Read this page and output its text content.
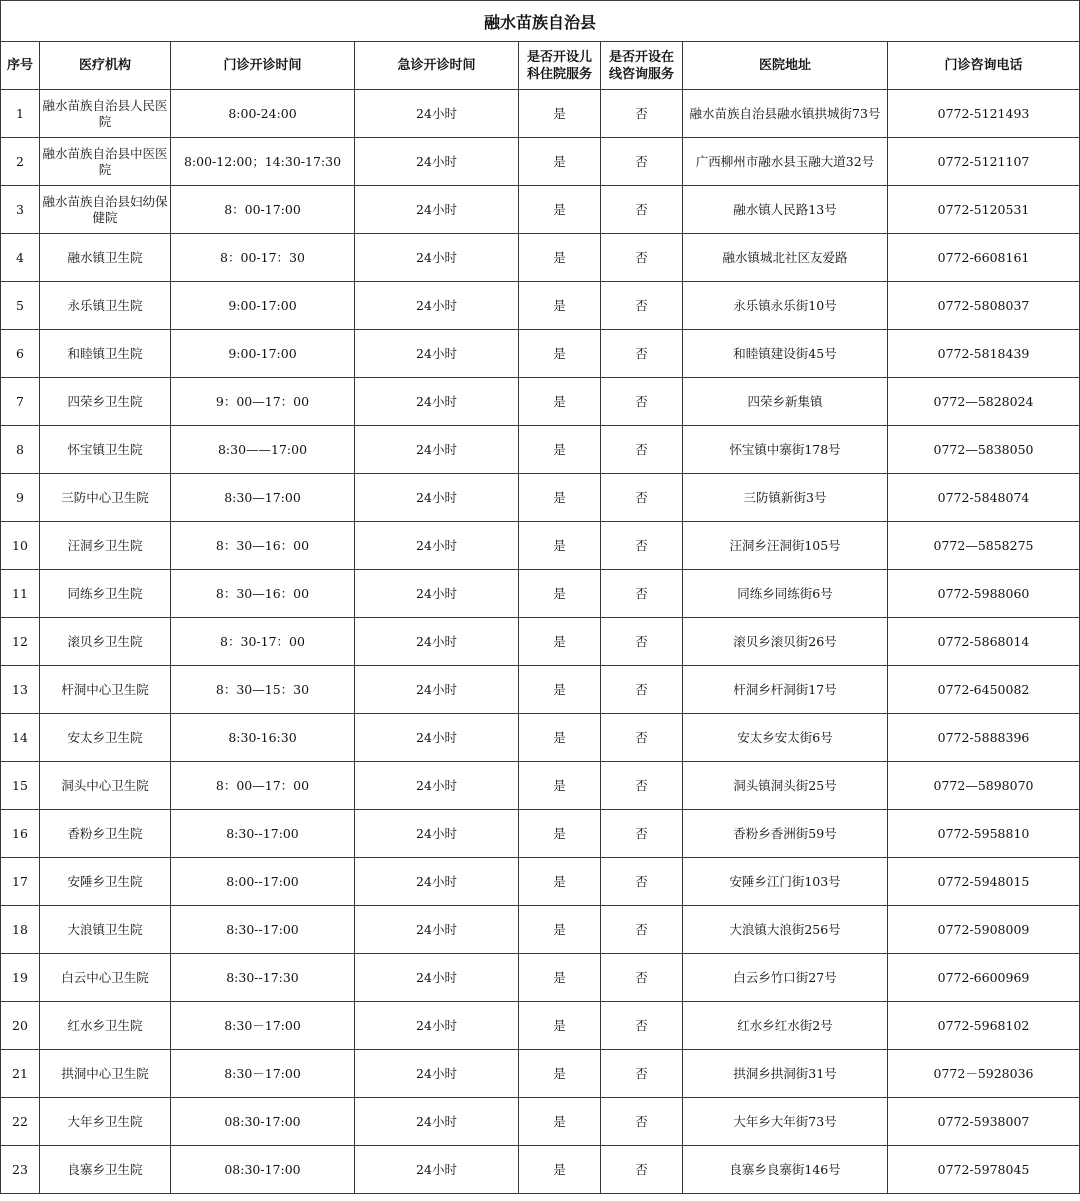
融水苗族自治县							
序号	医疗机构	门诊开诊时间	急诊开诊时间	是否开设儿科住院服务	是否开设在线咨询服务	医院地址	门诊咨询电话
1	融水苗族自治县人民医院	8:00-24:00	24小时	是	否	融水苗族自治县融水镇拱城街73号	0772-5121493
2	融水苗族自治县中医医院	8:00-12:00；14:30-17:30	24小时	是	否	广西柳州市融水县玉融大道32号	0772-5121107
3	融水苗族自治县妇幼保健院	8：00-17:00	24小时	是	否	融水镇人民路13号	0772-5120531
4	融水镇卫生院	8：00-17：30	24小时	是	否	融水镇城北社区友爱路	0772-6608161
5	永乐镇卫生院	9:00-17:00	24小时	是	否	永乐镇永乐街10号	0772-5808037
6	和睦镇卫生院	9:00-17:00	24小时	是	否	和睦镇建设街45号	0772-5818439
7	四荣乡卫生院	9：00—17：00	24小时	是	否	四荣乡新集镇	0772—5828024
8	怀宝镇卫生院	8:30——17:00	24小时	是	否	怀宝镇中寨街178号	0772—5838050
9	三防中心卫生院	8:30—17:00	24小时	是	否	三防镇新街3号	0772-5848074
10	汪洞乡卫生院	8：30—16：00	24小时	是	否	汪洞乡汪洞街105号	0772—5858275
11	同练乡卫生院	8：30—16：00	24小时	是	否	同练乡同练街6号	0772-5988060
12	滚贝乡卫生院	8：30-17：00	24小时	是	否	滚贝乡滚贝街26号	0772-5868014
13	杆洞中心卫生院	8：30—15：30	24小时	是	否	杆洞乡杆洞街17号	0772-6450082
14	安太乡卫生院	8:30-16:30	24小时	是	否	安太乡安太街6号	0772-5888396
15	洞头中心卫生院	8：00—17：00	24小时	是	否	洞头镇洞头街25号	0772—5898070
16	香粉乡卫生院	8:30--17:00	24小时	是	否	香粉乡香洲街59号	0772-5958810
17	安陲乡卫生院	8:00--17:00	24小时	是	否	安陲乡江门街103号	0772-5948015
18	大浪镇卫生院	8:30--17:00	24小时	是	否	大浪镇大浪街256号	0772-5908009
19	白云中心卫生院	8:30--17:30	24小时	是	否	白云乡竹口街27号	0772-6600969
20	红水乡卫生院	8:30－17:00	24小时	是	否	红水乡红水街2号	0772-5968102
21	拱洞中心卫生院	8:30－17:00	24小时	是	否	拱洞乡拱洞街31号	0772－5928036
22	大年乡卫生院	08:30-17:00	24小时	是	否	大年乡大年街73号	0772-5938007
23	良寨乡卫生院	08:30-17:00	24小时	是	否	良寨乡良寨街146号	0772-5978045
